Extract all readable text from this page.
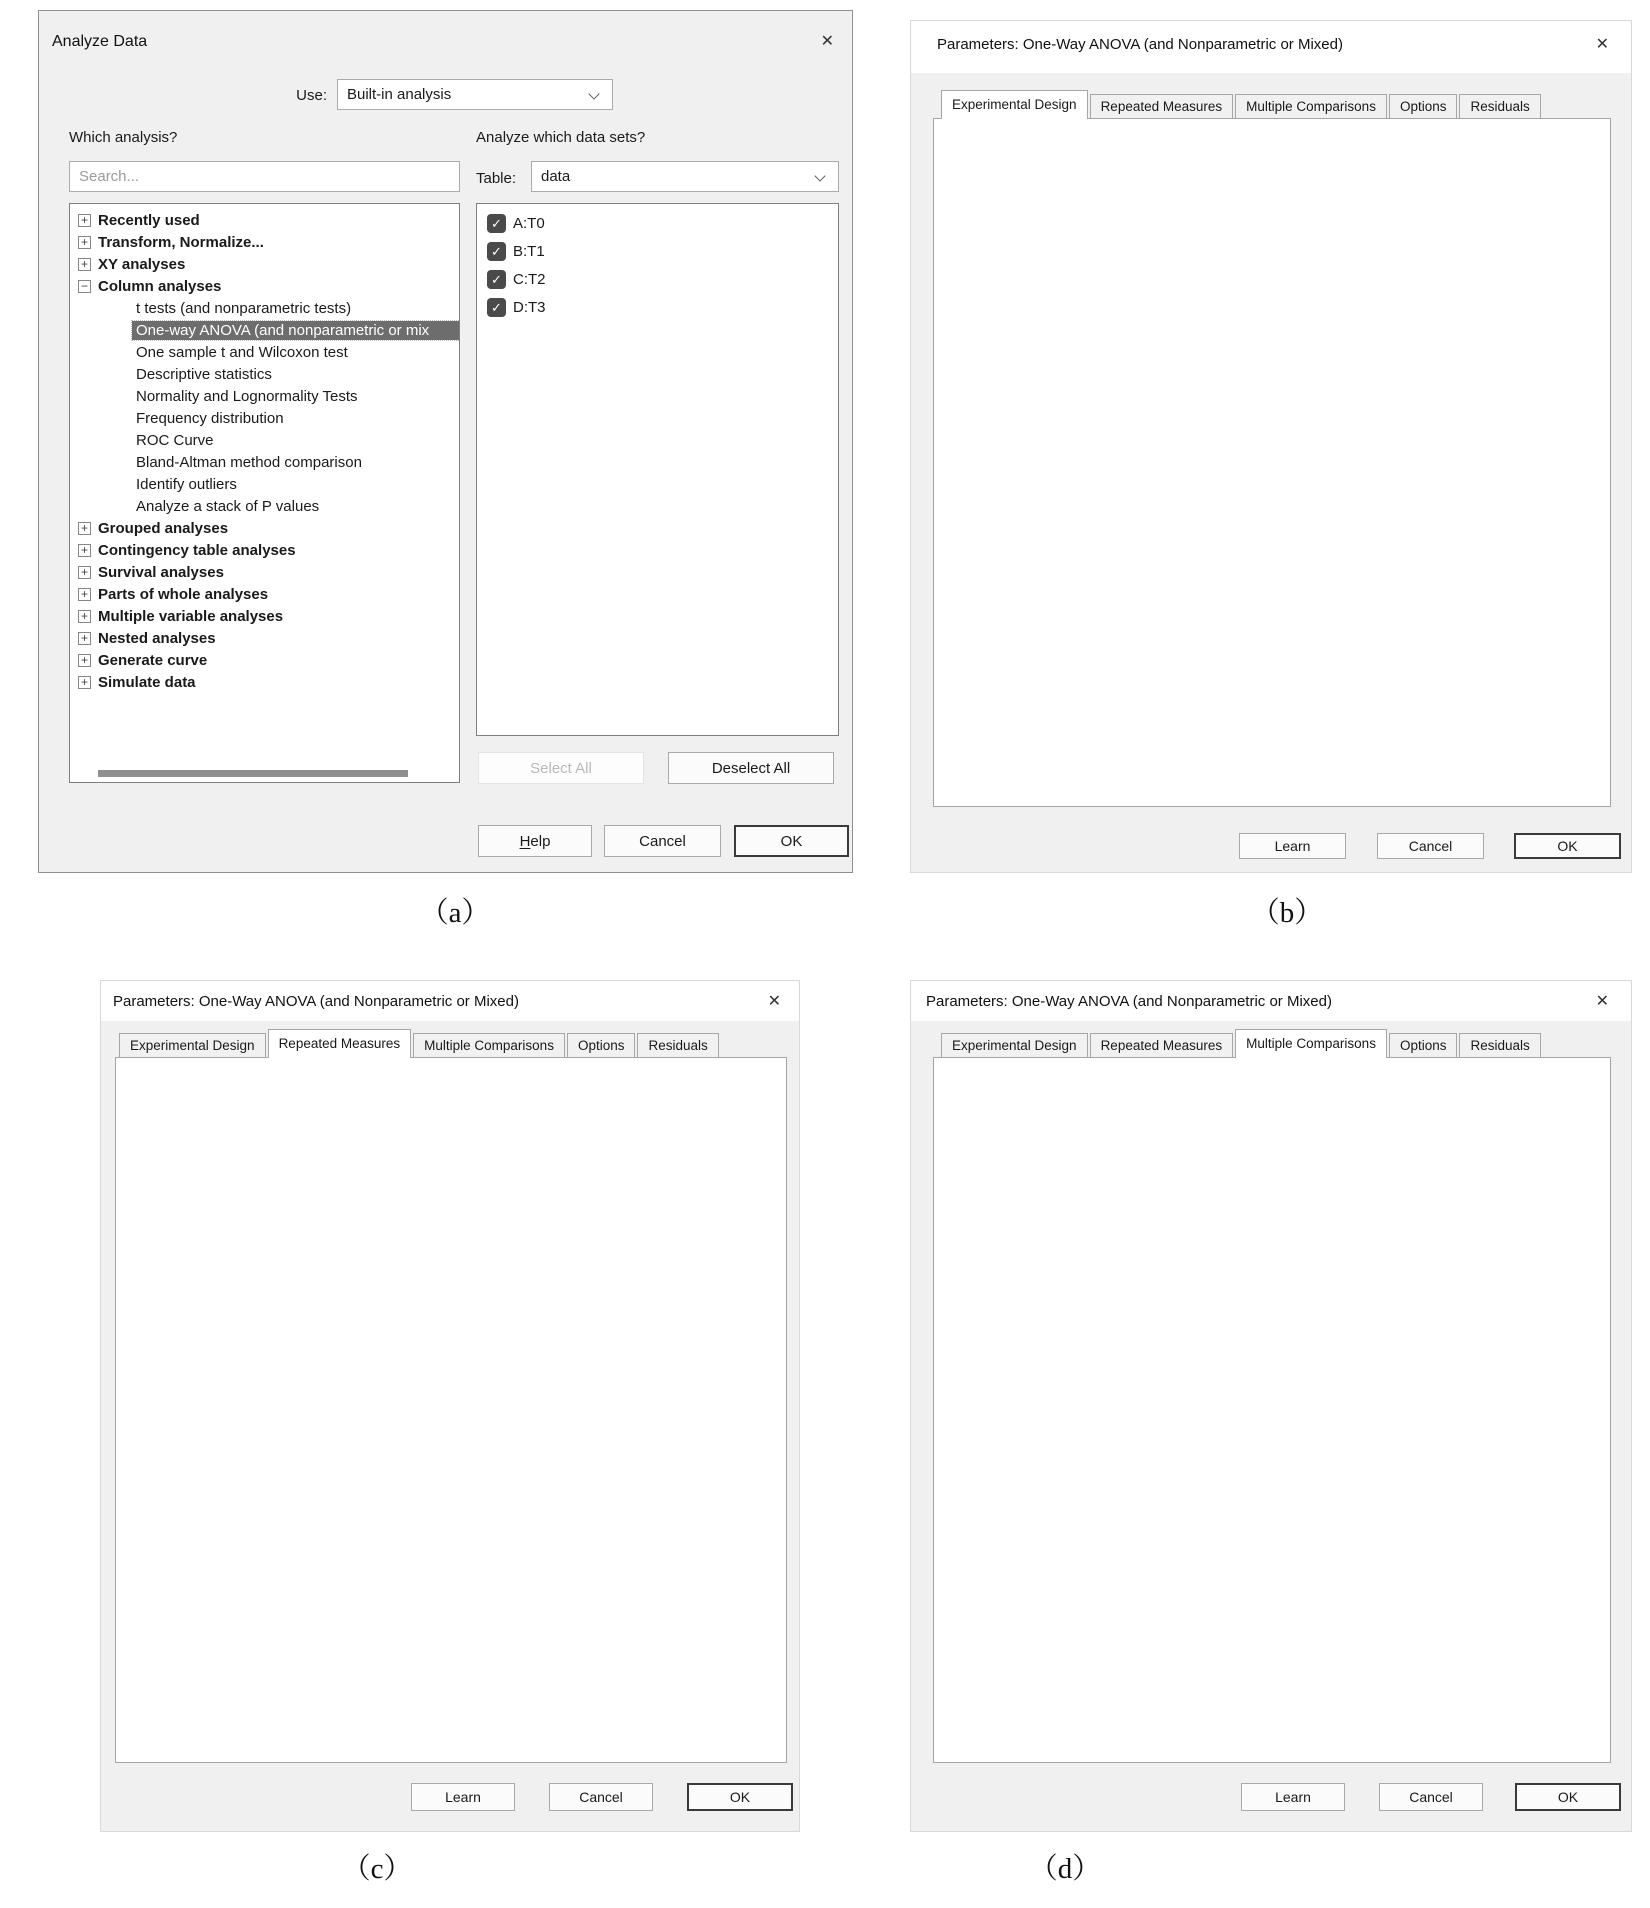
Analyze Data	✕
Use: Built-in analysis
Which analysis?	Analyze which data sets?
Search...
Table: data
+ Recently used
+ Transform, Normalize...
+ XY analyses
− Column analyses
t tests (and nonparametric tests)
One-way ANOVA (and nonparametric or mix
One sample t and Wilcoxon test
Descriptive statistics
Normality and Lognormality Tests
Frequency distribution
ROC Curve
Bland-Altman method comparison
Identify outliers
Analyze a stack of P values
+ Grouped analyses
+ Contingency table analyses
+ Survival analyses
+ Parts of whole analyses
+ Multiple variable analyses
+ Nested analyses
+ Generate curve
+ Simulate data
✓ A:T0
✓ B:T1
✓ C:T2
✓ D:T3
Select All	Deselect All
H elp	Cancel	OK
Parameters: One-Way ANOVA (and Nonparametric or Mixed)	✕
Experimental Design	Repeated Measures	Multiple Comparisons	Options	Residuals

Learn	Cancel	OK
Parameters: One-Way ANOVA (and Nonparametric or Mixed)	✕
Experimental Design	Repeated Measures	Multiple Comparisons	Options	Residuals

Learn	Cancel	OK
Parameters: One-Way ANOVA (and Nonparametric or Mixed)	✕
Experimental Design	Repeated Measures	Multiple Comparisons	Options	Residuals
Learn	Cancel	OK
（a）	（b）
（c）	（d）
